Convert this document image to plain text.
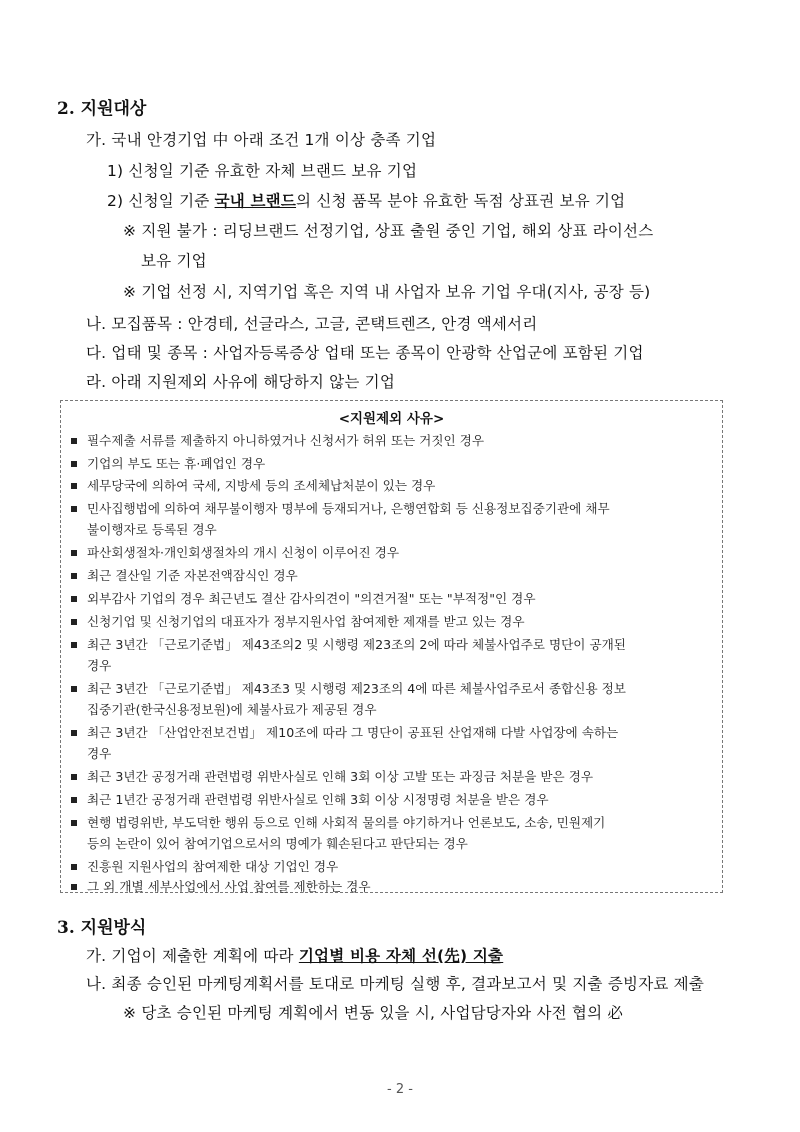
2. 지원대상
가. 국내 안경기업 中 아래 조건 1개 이상 충족 기업
1) 신청일 기준 유효한 자체 브랜드 보유 기업
2) 신청일 기준 국내 브랜드의 신청 품목 분야 유효한 독점 상표권 보유 기업
※ 지원 불가 : 리딩브랜드 선정기업, 상표 출원 중인 기업, 해외 상표 라이선스
보유 기업
※ 기업 선정 시, 지역기업 혹은 지역 내 사업자 보유 기업 우대(지사, 공장 등)
나. 모집품목 : 안경테, 선글라스, 고글, 콘택트렌즈, 안경 액세서리
다. 업태 및 종목 : 사업자등록증상 업태 또는 종목이 안광학 산업군에 포함된 기업
라. 아래 지원제외 사유에 해당하지 않는 기업
<지원제외 사유>
필수제출 서류를 제출하지 아니하였거나 신청서가 허위 또는 거짓인 경우
기업의 부도 또는 휴·폐업인 경우
세무당국에 의하여 국세, 지방세 등의 조세체납처분이 있는 경우
민사집행법에 의하여 채무불이행자 명부에 등재되거나, 은행연합회 등 신용정보집중기관에 채무
불이행자로 등록된 경우
파산회생절차·개인회생절차의 개시 신청이 이루어진 경우
최근 결산일 기준 자본전액잠식인 경우
외부감사 기업의 경우 최근년도 결산 감사의견이 "의견거절" 또는 "부적정"인 경우
신청기업 및 신청기업의 대표자가 정부지원사업 참여제한 제재를 받고 있는 경우
최근 3년간 「근로기준법」 제43조의2 및 시행령 제23조의 2에 따라 체불사업주로 명단이 공개된
경우
최근 3년간 「근로기준법」 제43조3 및 시행령 제23조의 4에 따른 체불사업주로서 종합신용 정보
집중기관(한국신용정보원)에 체불사료가 제공된 경우
최근 3년간 「산업안전보건법」 제10조에 따라 그 명단이 공표된 산업재해 다발 사업장에 속하는
경우
최근 3년간 공정거래 관련법령 위반사실로 인해 3회 이상 고발 또는 과징금 처분을 받은 경우
최근 1년간 공정거래 관련법령 위반사실로 인해 3회 이상 시정명령 처분을 받은 경우
현행 법령위반, 부도덕한 행위 등으로 인해 사회적 물의를 야기하거나 언론보도, 소송, 민원제기
등의 논란이 있어 참여기업으로서의 명예가 훼손된다고 판단되는 경우
진흥원 지원사업의 참여제한 대상 기업인 경우
그 외 개별 세부사업에서 사업 참여를 제한하는 경우
3. 지원방식
가. 기업이 제출한 계획에 따라 기업별 비용 자체 선(先) 지출
나. 최종 승인된 마케팅계획서를 토대로 마케팅 실행 후, 결과보고서 및 지출 증빙자료 제출
※ 당초 승인된 마케팅 계획에서 변동 있을 시, 사업담당자와 사전 협의 必
- 2 -
